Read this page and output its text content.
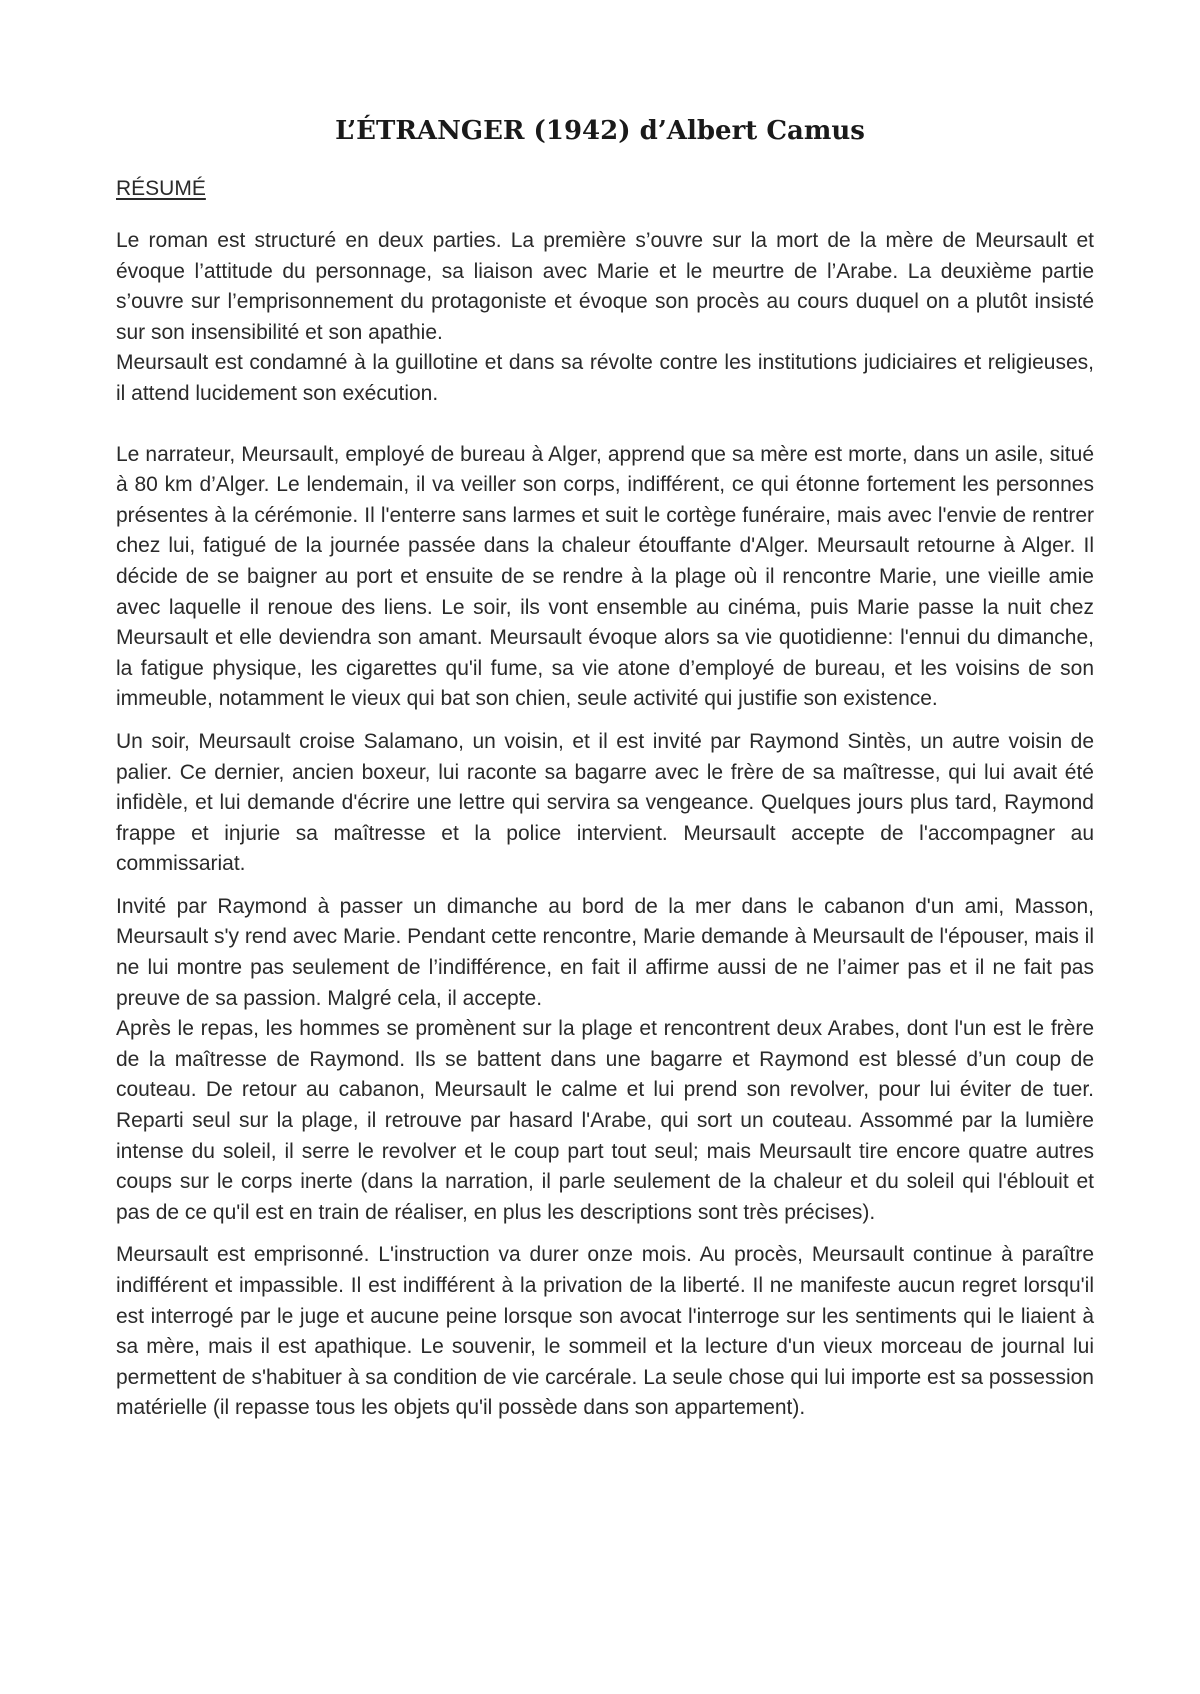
L’ÉTRANGER (1942) d’Albert Camus
RÉSUMÉ

Le roman est structuré en deux parties. La première s’ouvre sur la mort de la mère de Meursault et évoque l’attitude du personnage, sa liaison avec Marie et le meurtre de l’Arabe. La deuxième partie s’ouvre sur l’emprisonnement du protagoniste et évoque son procès au cours duquel on a plutôt insisté sur son insensibilité et son apathie.

Meursault est condamné à la guillotine et dans sa révolte contre les institutions judiciaires et religieuses, il attend lucidement son exécution.

Le narrateur, Meursault, employé de bureau à Alger, apprend que sa mère est morte, dans un asile, situé à 80 km d’Alger. Le lendemain, il va veiller son corps, indifférent, ce qui étonne fortement les personnes présentes à la cérémonie. Il l'enterre sans larmes et suit le cortège funéraire, mais avec l'envie de rentrer chez lui, fatigué de la journée passée dans la chaleur étouffante d'Alger. Meursault retourne à Alger. Il décide de se baigner au port et ensuite de se rendre à la plage où il rencontre Marie, une vieille amie avec laquelle il renoue des liens. Le soir, ils vont ensemble au cinéma, puis Marie passe la nuit chez Meursault et elle deviendra son amant. Meursault évoque alors sa vie quotidienne: l'ennui du dimanche, la fatigue physique, les cigarettes qu'il fume, sa vie atone d’employé de bureau, et les voisins de son immeuble, notamment le vieux qui bat son chien, seule activité qui justifie son existence.

Un soir, Meursault croise Salamano, un voisin, et il est invité par Raymond Sintès, un autre voisin de palier. Ce dernier, ancien boxeur, lui raconte sa bagarre avec le frère de sa maîtresse, qui lui avait été infidèle, et lui demande d'écrire une lettre qui servira sa vengeance. Quelques jours plus tard, Raymond frappe et injurie sa maîtresse et la police intervient. Meursault accepte de l'accompagner au commissariat.

Invité par Raymond à passer un dimanche au bord de la mer dans le cabanon d'un ami, Masson, Meursault s'y rend avec Marie. Pendant cette rencontre, Marie demande à Meursault de l'épouser, mais il ne lui montre pas seulement de l’indifférence, en fait il affirme aussi de ne l’aimer pas et il ne fait pas preuve de sa passion. Malgré cela, il accepte.

Après le repas, les hommes se promènent sur la plage et rencontrent deux Arabes, dont l'un est le frère de la maîtresse de Raymond. Ils se battent dans une bagarre et Raymond est blessé d’un coup de couteau. De retour au cabanon, Meursault le calme et lui prend son revolver, pour lui éviter de tuer. Reparti seul sur la plage, il retrouve par hasard l'Arabe, qui sort un couteau. Assommé par la lumière intense du soleil, il serre le revolver et le coup part tout seul; mais Meursault tire encore quatre autres coups sur le corps inerte (dans la narration, il parle seulement de la chaleur et du soleil qui l'éblouit et pas de ce qu'il est en train de réaliser, en plus les descriptions sont très précises).

Meursault est emprisonné. L'instruction va durer onze mois. Au procès, Meursault continue à paraître indifférent et impassible. Il est indifférent à la privation de la liberté. Il ne manifeste aucun regret lorsqu'il est interrogé par le juge et aucune peine lorsque son avocat l'interroge sur les sentiments qui le liaient à sa mère, mais il est apathique. Le souvenir, le sommeil et la lecture d'un vieux morceau de journal lui permettent de s'habituer à sa condition de vie carcérale. La seule chose qui lui importe est sa possession matérielle (il repasse tous les objets qu'il possède dans son appartement).
